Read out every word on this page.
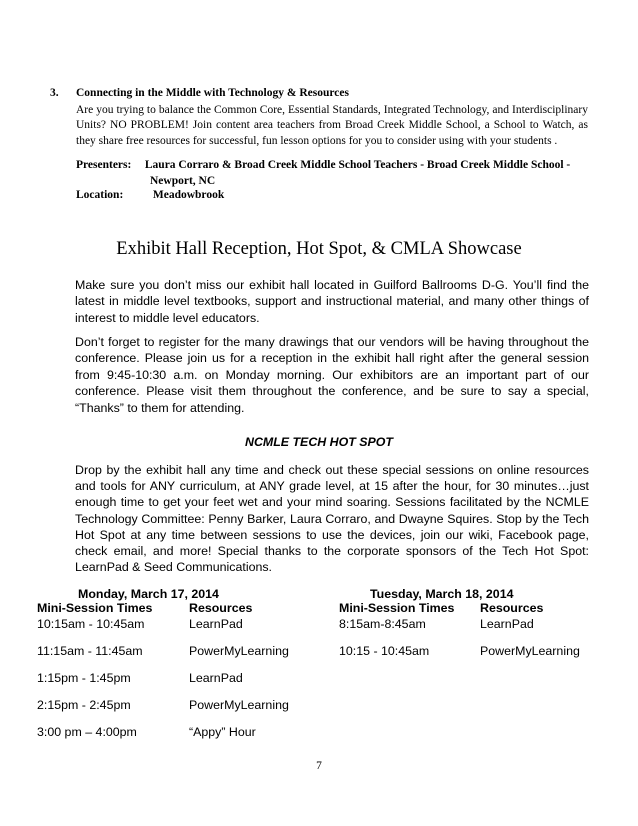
3. Connecting in the Middle with Technology & Resources
Are you trying to balance the Common Core, Essential Standards, Integrated Technology, and Interdisciplinary Units? NO PROBLEM! Join content area teachers from Broad Creek Middle School, a School to Watch, as they share free resources for successful, fun lesson options for you to consider using with your students .
Presenters: Laura Corraro & Broad Creek Middle School Teachers - Broad Creek Middle School -
Newport, NC
Location:	Meadowbrook
Exhibit Hall Reception, Hot Spot, & CMLA Showcase
Make sure you don’t miss our exhibit hall located in Guilford Ballrooms D-G. You’ll find the latest in middle level textbooks, support and instructional material, and many other things of interest to middle level educators.
Don’t forget to register for the many drawings that our vendors will be having throughout the conference. Please join us for a reception in the exhibit hall right after the general session from 9:45-10:30 a.m. on Monday morning. Our exhibitors are an important part of our conference. Please visit them throughout the conference, and be sure to say a special, “Thanks” to them for attending.
NCMLE TECH HOT SPOT
Drop by the exhibit hall any time and check out these special sessions on online resources and tools for ANY curriculum, at ANY grade level, at 15 after the hour, for 30 minutes…just enough time to get your feet wet and your mind soaring. Sessions facilitated by the NCMLE Technology Committee: Penny Barker, Laura Corraro, and Dwayne Squires. Stop by the Tech Hot Spot at any time between sessions to use the devices, join our wiki, Facebook page, check email, and more! Special thanks to the corporate sponsors of the Tech Hot Spot: LearnPad & Seed Communications.
Monday, March 17, 2014	Tuesday, March 18, 2014
Mini-Session Times	Resources	Mini-Session Times Resources
10:15am - 10:45am	LearnPad
11:15am - 11:45am	PowerMyLearning
1:15pm - 1:45pm	LearnPad
2:15pm - 2:45pm	PowerMyLearning
3:00 pm – 4:00pm	“Appy” Hour
8:15am-8:45am	LearnPad
10:15 - 10:45am	PowerMyLearning
7
